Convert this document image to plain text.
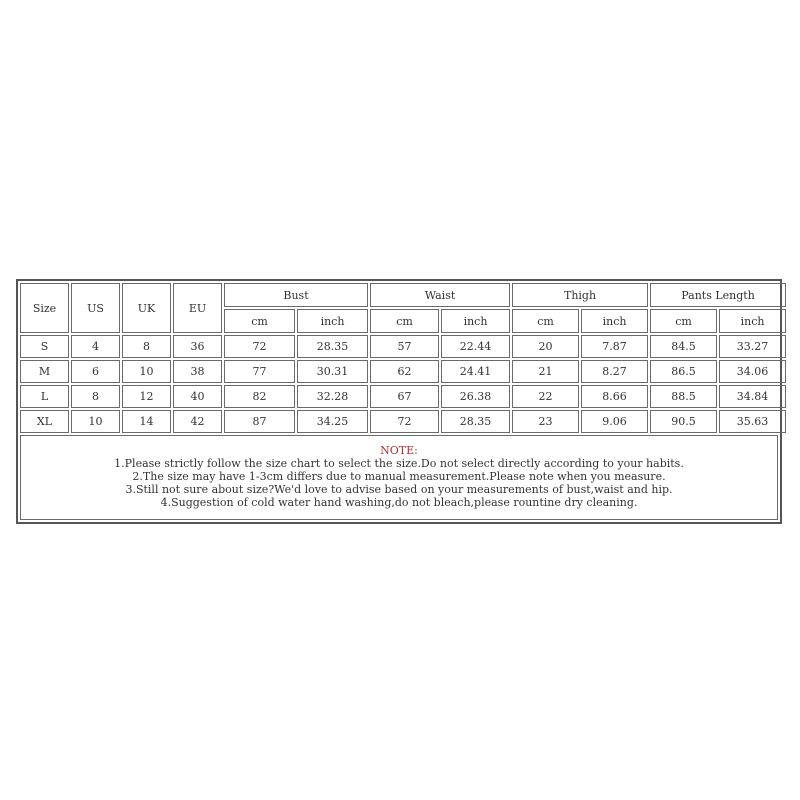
Size	US	UK	EU	Bust		Waist		Thigh		Pants Length	
				cm	inch	cm	inch	cm	inch	cm	inch
S	4	8	36	72	28.35	57	22.44	20	7.87	84.5	33.27
M	6	10	38	77	30.31	62	24.41	21	8.27	86.5	34.06
L	8	12	40	82	32.28	67	26.38	22	8.66	88.5	34.84
XL	10	14	42	87	34.25	72	28.35	23	9.06	90.5	35.63
NOTE:
1.Please strictly follow the size chart to select the size.Do not select directly according to your habits.
2.The size may have 1-3cm differs due to manual measurement.Please note when you measure.
3.Still not sure about size?We'd love to advise based on your measurements of bust,waist and hip.
4.Suggestion of cold water hand washing,do not bleach,please rountine dry cleaning.
